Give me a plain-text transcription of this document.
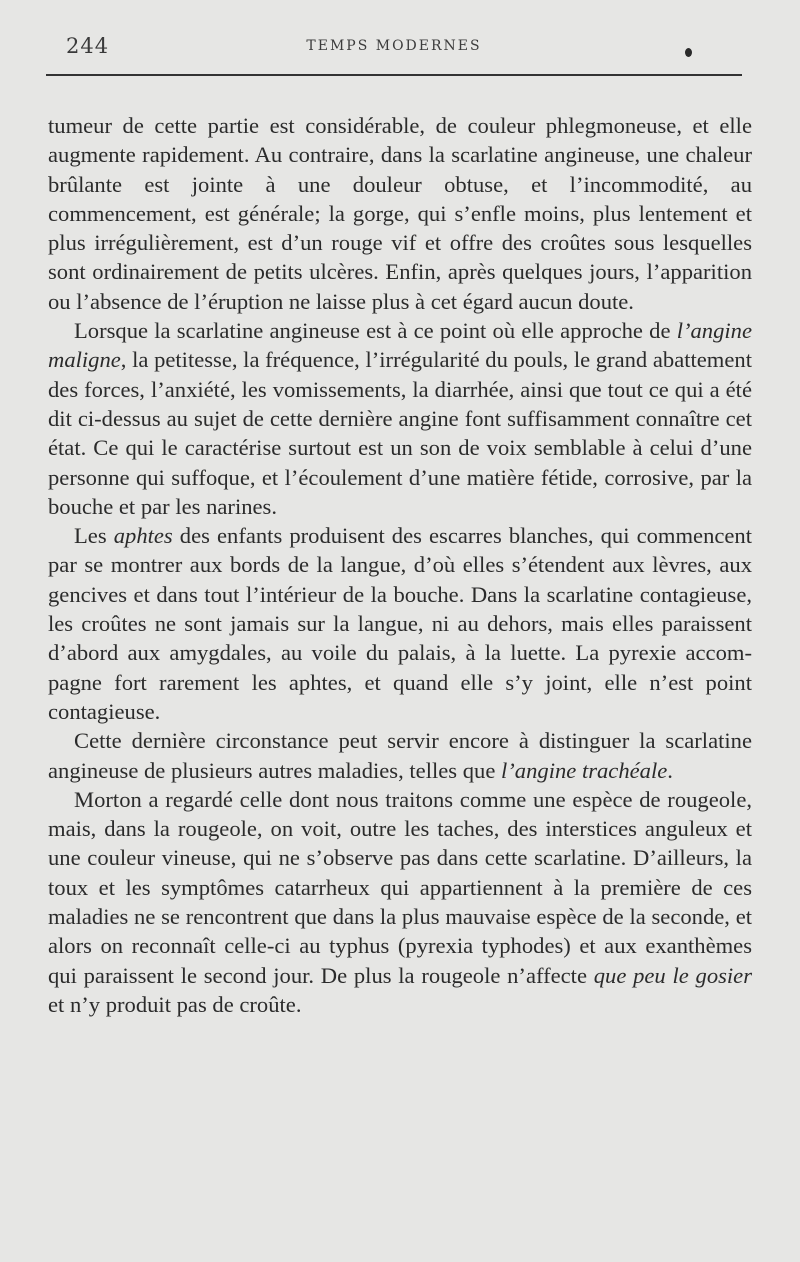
244	TEMPS MODERNES

tumeur de cette partie est considérable, de couleur phlegmoneuse, et elle augmente rapidement. Au contraire, dans la scarlatine angineuse, une chaleur brûlante est jointe à une douleur obtuse, et l’incommodité, au commencement, est générale; la gorge, qui s’enfle moins, plus lentement et plus irrégulièrement, est d’un rouge vif et offre des croûtes sous lesquelles sont ordinairement de petits ulcères. Enfin, après quelques jours, l’apparition ou l’absence de l’éruption ne laisse plus à cet égard aucun doute.

Lorsque la scarlatine angineuse est à ce point où elle approche de l’angine maligne, la petitesse, la fréquence, l’irrégularité du pouls, le grand abattement des forces, l’anxiété, les vomissements, la diarrhée, ainsi que tout ce qui a été dit ci-dessus au sujet de cette dernière angine font suffisamment connaître cet état. Ce qui le caractérise surtout est un son de voix semblable à celui d’une personne qui suffoque, et l’écoulement d’une matière fétide, corrosive, par la bouche et par les narines.

Les aphtes des enfants produisent des escarres blanches, qui commencent par se montrer aux bords de la langue, d’où elles s’étendent aux lèvres, aux gencives et dans tout l’intérieur de la bouche. Dans la scarlatine contagieuse, les croûtes ne sont jamais sur la langue, ni au dehors, mais elles paraissent d’abord aux amygdales, au voile du palais, à la luette. La pyrexie accompagne fort rarement les aphtes, et quand elle s’y joint, elle n’est point contagieuse.

Cette dernière circonstance peut servir encore à distinguer la scarlatine angineuse de plusieurs autres maladies, telles que l’angine trachéale.

Morton a regardé celle dont nous traitons comme une espèce de rougeole, mais, dans la rougeole, on voit, outre les taches, des interstices anguleux et une couleur vineuse, qui ne s’observe pas dans cette scarlatine. D’ailleurs, la toux et les symptômes catarrheux qui appartiennent à la première de ces maladies ne se rencontrent que dans la plus mauvaise espèce de la seconde, et alors on reconnaît celle-ci au typhus (pyrexia typhodes) et aux exanthèmes qui paraissent le second jour. De plus la rougeole n’affecte que peu le gosier et n’y produit pas de croûte.
